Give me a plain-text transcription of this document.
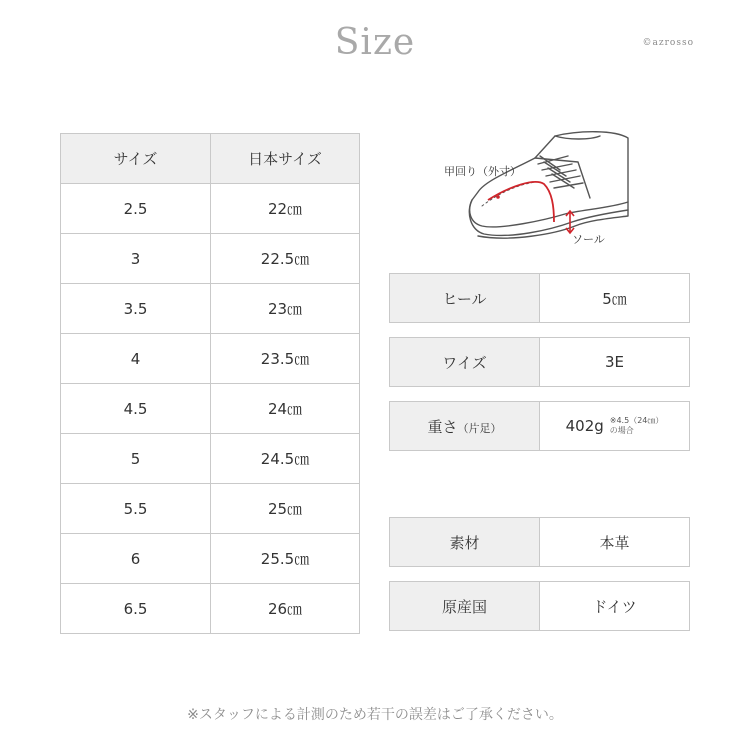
Size	©azrosso
サイズ	日本サイズ
2.5	22㎝
3	22.5㎝
3.5	23㎝
4	23.5㎝
4.5	24㎝
5	24.5㎝
5.5	25㎝
6	25.5㎝
6.5	26㎝
甲回り（外寸）
ソール
ヒール	5㎝
ワイズ	3E
重さ（片足）	402g ※4.5（24㎝）
の場合
素材	本革
原産国	ドイツ
※スタッフによる計測のため若干の誤差はご了承ください。
